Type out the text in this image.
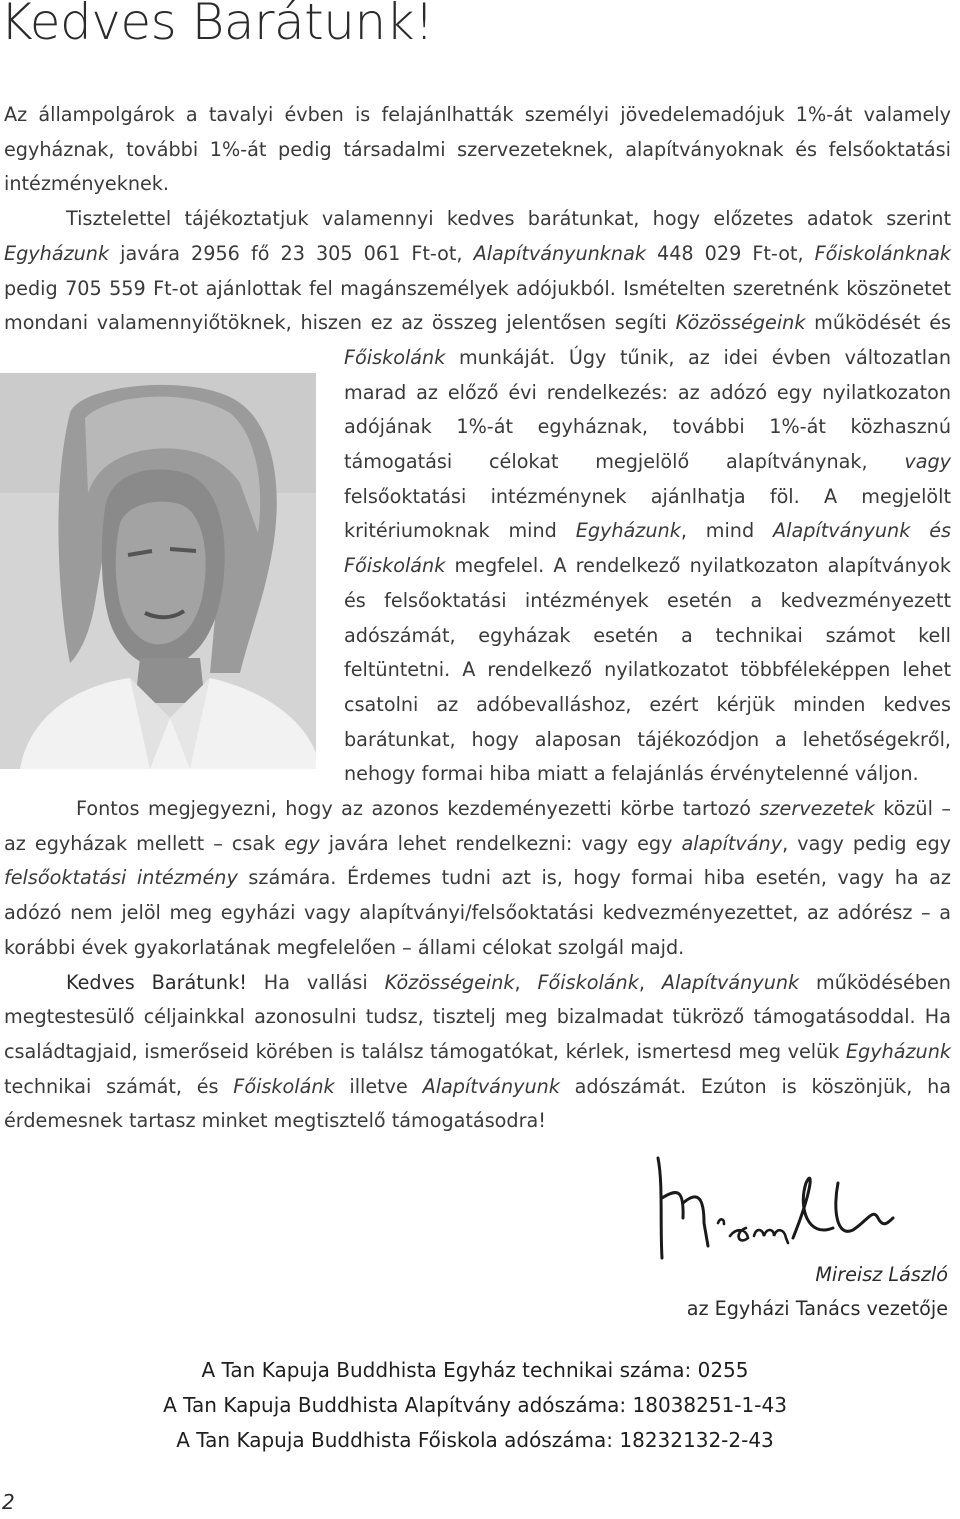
Kedves Barátunk!

Az állampolgárok a tavalyi évben is felajánlhatták személyi jövedelemadójuk 1%-át valamely egyháznak, további 1%-át pedig társadalmi szervezeteknek, alapítványoknak és felsőoktatási intézményeknek.

Tisztelettel tájékoztatjuk valamennyi kedves barátunkat, hogy előzetes adatok szerint Egyházunk javára 2956 fő 23 305 061 Ft-ot, Alapítványunknak 448 029 Ft-ot, Főiskolánknak pedig 705 559 Ft-ot ajánlottak fel magánszemélyek adójukból. Ismételten szeretnénk köszönetet mondani valamennyiőtöknek, hiszen ez az összeg jelentősen segíti Közösségeink működését és Főiskolánk
munkáját. Úgy tűnik, az idei évben változatlan marad az előző évi rendelkezés: az adózó egy nyilatkozaton adójának 1%-át egyháznak, további 1%-át közhasznú támogatási célokat megjelölő alapítványnak, vagy felsőoktatási intézménynek ajánlhatja föl. A megjelölt kritériumoknak mind Egyházunk, mind Alapítványunk és Főiskolánk megfelel. A rendelkező nyilatkozaton alapítványok és felsőoktatási intézmények esetén a kedvezményezett adószámát, egyházak esetén a technikai számot kell feltüntetni. A rendelkező nyilatkozatot többféleképpen lehet csatolni az adóbevalláshoz, ezért kérjük minden kedves barátunkat, hogy alaposan tájékozódjon a lehetőségekről, nehogy formai hiba miatt a felajánlás érvénytelenné váljon.

Fontos megjegyezni, hogy az azonos kezdeményezetti körbe tartozó szervezetek közül – az egyházak mellett – csak egy javára lehet rendelkezni: vagy egy alapítvány, vagy pedig egy felsőoktatási intézmény számára. Érdemes tudni azt is, hogy formai hiba esetén, vagy ha az adózó nem jelöl meg egyházi vagy alapítványi/felsőoktatási kedvezményezettet, az adórész – a korábbi évek gyakorlatának megfelelően – állami célokat szolgál majd.

Kedves Barátunk! Ha vallási Közösségeink, Főiskolánk, Alapítványunk működésében megtestesülő céljainkkal azonosulni tudsz, tisztelj meg bizalmadat tükröző támogatásoddal. Ha családtagjaid, ismerőseid körében is találsz támogatókat, kérlek, ismertesd meg velük Egyházunk technikai számát, és Főiskolánk illetve Alapítványunk adószámát. Ezúton is köszönjük, ha érdemesnek tartasz minket megtisztelő támogatásodra!

Mireisz László
az Egyházi Tanács vezetője
A Tan Kapuja Buddhista Egyház technikai száma: 0255
A Tan Kapuja Buddhista Alapítvány adószáma: 18038251-1-43
A Tan Kapuja Buddhista Főiskola adószáma: 18232132-2-43
2
